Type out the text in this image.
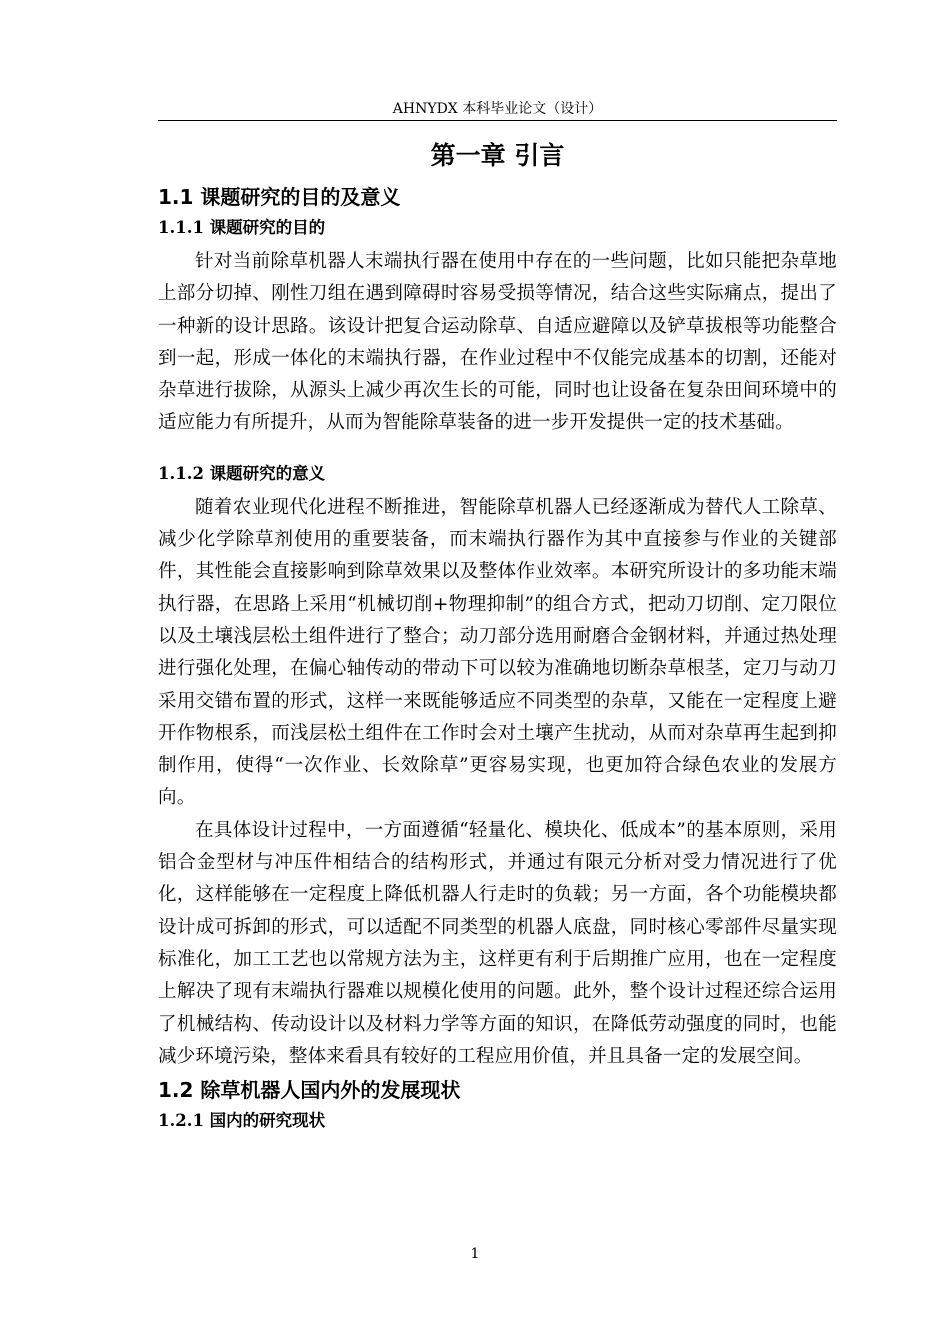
AHNYDX 本科毕业论文（设计）
第一章 引言
1.1 课题研究的目的及意义
1.1.1 课题研究的目的

针对当前除草机器人末端执行器在使用中存在的一些问题，比如只能把杂草地上部分切掉、刚性刀组在遇到障碍时容易受损等情况，结合这些实际痛点，提出了一种新的设计思路。该设计把复合运动除草、自适应避障以及铲草拔根等功能整合到一起，形成一体化的末端执行器，在作业过程中不仅能完成基本的切割，还能对杂草进行拔除，从源头上减少再次生长的可能，同时也让设备在复杂田间环境中的适应能力有所提升，从而为智能除草装备的进一步开发提供一定的技术基础。

1.1.2 课题研究的意义

随着农业现代化进程不断推进，智能除草机器人已经逐渐成为替代人工除草、减少化学除草剂使用的重要装备，而末端执行器作为其中直接参与作业的关键部件，其性能会直接影响到除草效果以及整体作业效率。本研究所设计的多功能末端执行器，在思路上采用“机械切削+物理抑制”的组合方式，把动刀切削、定刀限位以及土壤浅层松土组件进行了整合；动刀部分选用耐磨合金钢材料，并通过热处理进行强化处理，在偏心轴传动的带动下可以较为准确地切断杂草根茎，定刀与动刀采用交错布置的形式，这样一来既能够适应不同类型的杂草，又能在一定程度上避开作物根系，而浅层松土组件在工作时会对土壤产生扰动，从而对杂草再生起到抑制作用，使得“一次作业、长效除草”更容易实现，也更加符合绿色农业的发展方向。

在具体设计过程中，一方面遵循“轻量化、模块化、低成本”的基本原则，采用铝合金型材与冲压件相结合的结构形式，并通过有限元分析对受力情况进行了优化，这样能够在一定程度上降低机器人行走时的负载；另一方面，各个功能模块都设计成可拆卸的形式，可以适配不同类型的机器人底盘，同时核心零部件尽量实现标准化，加工工艺也以常规方法为主，这样更有利于后期推广应用，也在一定程度上解决了现有末端执行器难以规模化使用的问题。此外，整个设计过程还综合运用了机械结构、传动设计以及材料力学等方面的知识，在降低劳动强度的同时，也能减少环境污染，整体来看具有较好的工程应用价值，并且具备一定的发展空间。

1.2 除草机器人国内外的发展现状
1.2.1 国内的研究现状
1
